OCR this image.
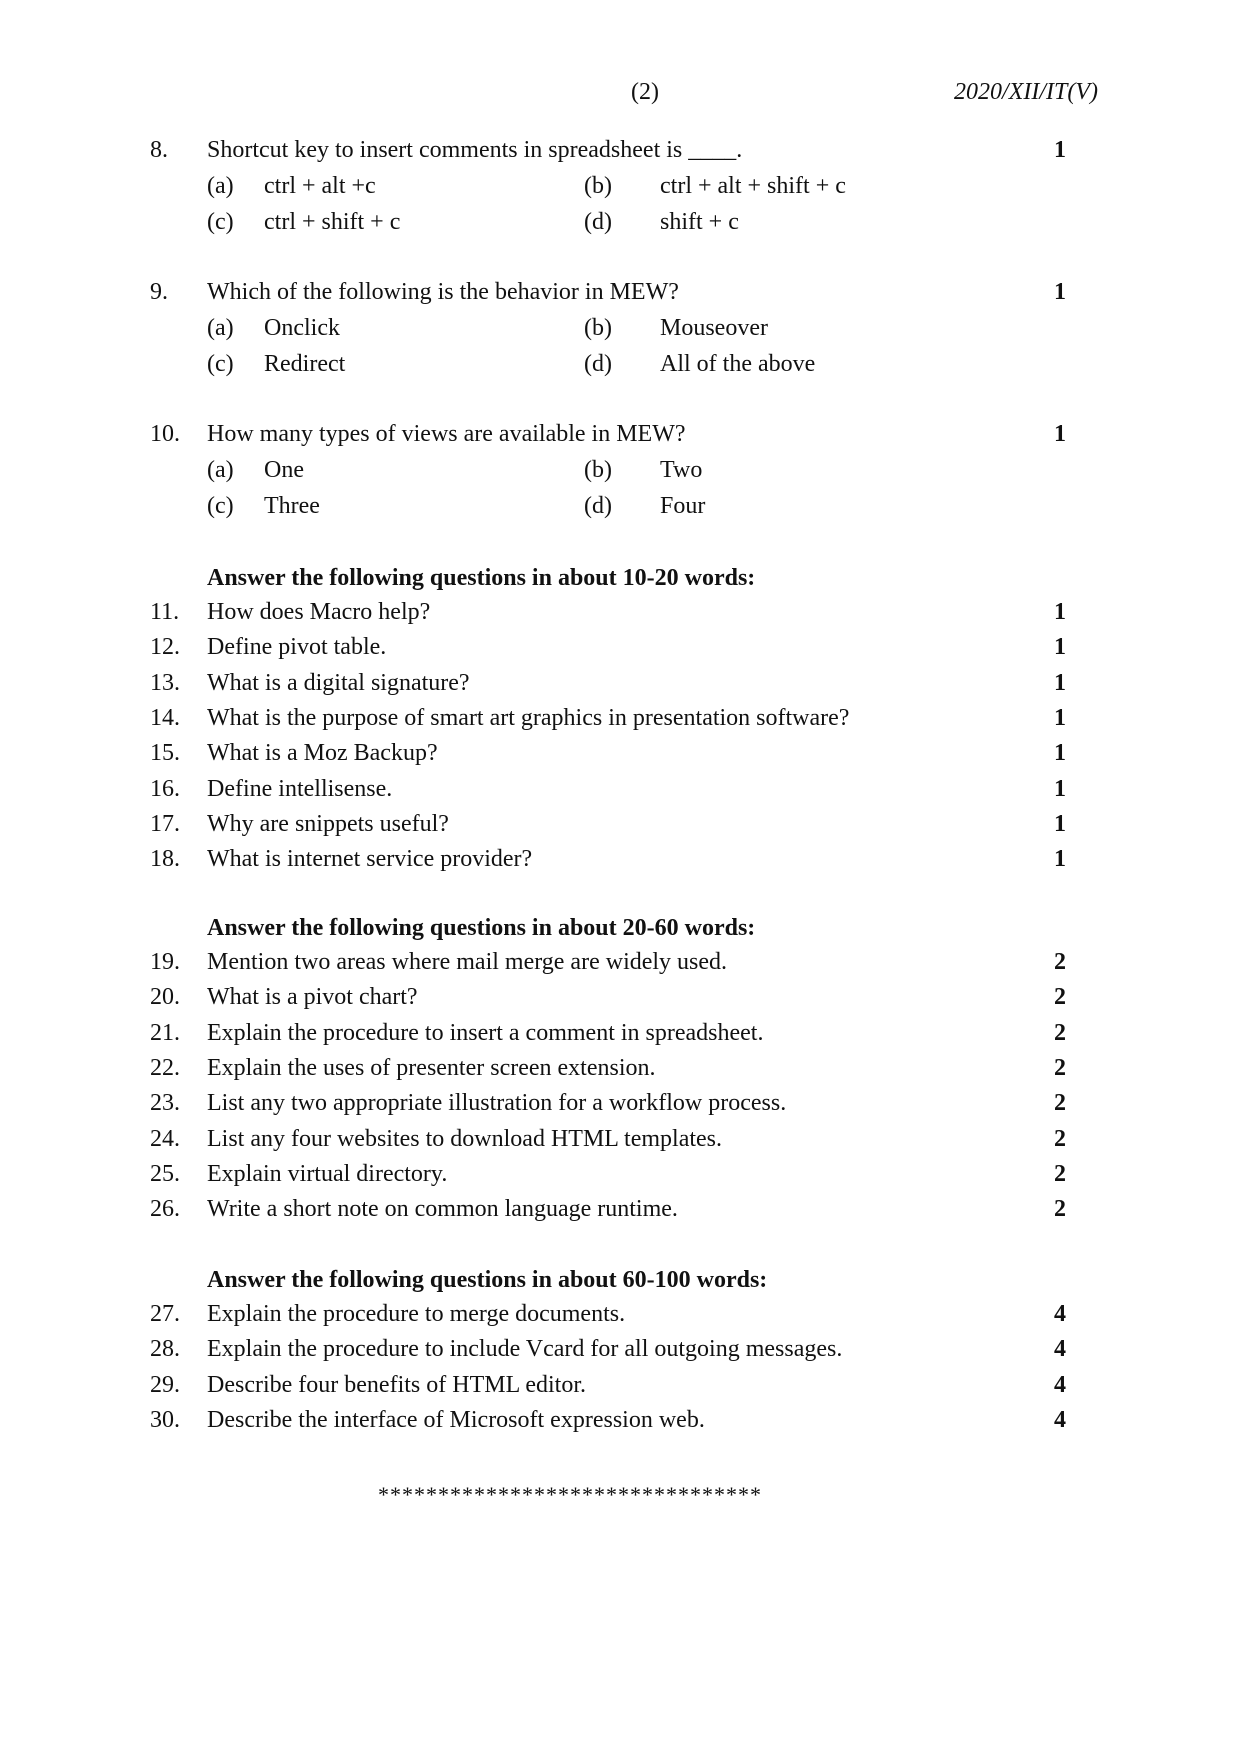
(2)	2020/XII/IT(V)
8.	Shortcut key to insert comments in spreadsheet is ____.	1
(a) ctrl + alt +c	(b) ctrl + alt + shift + c
(c) ctrl + shift + c	(d) shift + c
9.	Which of the following is the behavior in MEW?	1
(a) Onclick	(b) Mouseover
(c) Redirect	(d) All of the above
10.	How many types of views are available in MEW?	1
(a) One	(b) Two
(c) Three	(d) Four
Answer the following questions in about 10-20 words:
11.	How does Macro help?	1
12.	Define pivot table.	1
13.	What is a digital signature?	1
14.	What is the purpose of smart art graphics in presentation software?	1
15.	What is a Moz Backup?	1
16.	Define intellisense.	1
17.	Why are snippets useful?	1
18.	What is internet service provider?	1
Answer the following questions in about 20-60 words:
19.	Mention two areas where mail merge are widely used.	2
20.	What is a pivot chart?	2
21.	Explain the procedure to insert a comment in spreadsheet.	2
22.	Explain the uses of presenter screen extension.	2
23.	List any two appropriate illustration for a workflow process.	2
24.	List any four websites to download HTML templates.	2
25.	Explain virtual directory.	2
26.	Write a short note on common language runtime.	2
Answer the following questions in about 60-100 words:
27.	Explain the procedure to merge documents.	4
28.	Explain the procedure to include Vcard for all outgoing messages.	4
29.	Describe four benefits of HTML editor.	4
30.	Describe the interface of Microsoft expression web.	4
********************************
